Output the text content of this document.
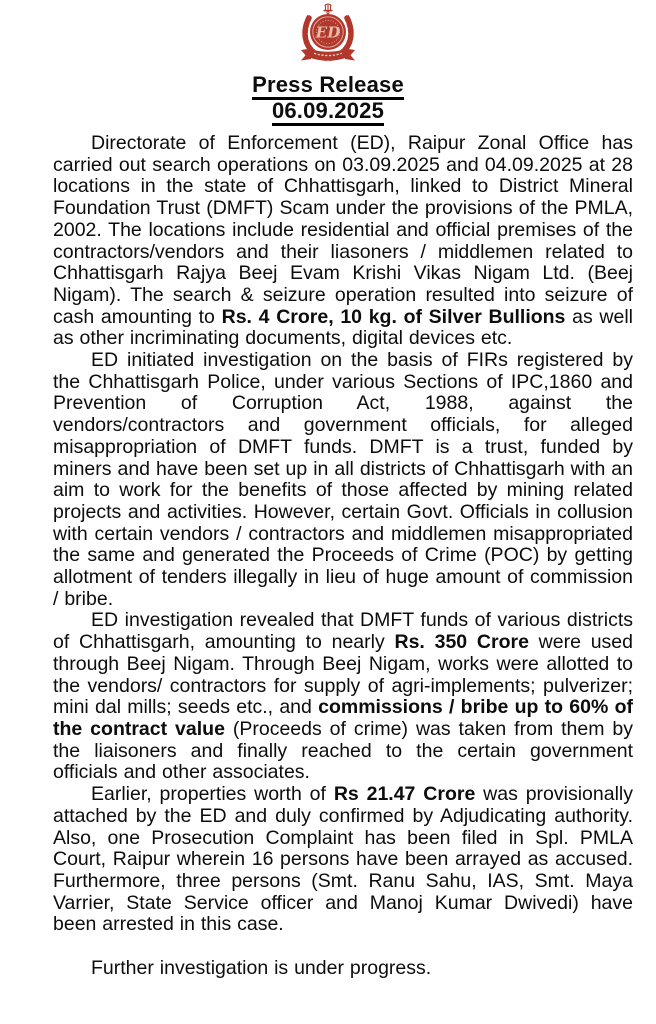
ED
Press Release
06.09.2025

Directorate of Enforcement (ED), Raipur Zonal Office has carried out search operations on 03.09.2025 and 04.09.2025 at 28 locations in the state of Chhattisgarh, linked to District Mineral Foundation Trust (DMFT) Scam under the provisions of the PMLA, 2002. The locations include residential and official premises of the contractors/vendors and their liasoners / middlemen related to Chhattisgarh Rajya Beej Evam Krishi Vikas Nigam Ltd. (Beej Nigam). The search & seizure operation resulted into seizure of cash amounting to Rs. 4 Crore, 10 kg. of Silver Bullions as well as other incriminating documents, digital devices etc.

ED initiated investigation on the basis of FIRs registered by the Chhattisgarh Police, under various Sections of IPC,1860 and Prevention of Corruption Act, 1988, against the vendors/contractors and government officials, for alleged misappropriation of DMFT funds. DMFT is a trust, funded by miners and have been set up in all districts of Chhattisgarh with an aim to work for the benefits of those affected by mining related projects and activities. However, certain Govt. Officials in collusion with certain vendors / contractors and middlemen misappropriated the same and generated the Proceeds of Crime (POC) by getting allotment of tenders illegally in lieu of huge amount of commission / bribe.

ED investigation revealed that DMFT funds of various districts of Chhattisgarh, amounting to nearly Rs. 350 Crore were used through Beej Nigam. Through Beej Nigam, works were allotted to the vendors/ contractors for supply of agri-implements; pulverizer; mini dal mills; seeds etc., and commissions / bribe up to 60% of the contract value (Proceeds of crime) was taken from them by the liaisoners and finally reached to the certain government officials and other associates.

Earlier, properties worth of Rs 21.47 Crore was provisionally attached by the ED and duly confirmed by Adjudicating authority. Also, one Prosecution Complaint has been filed in Spl. PMLA Court, Raipur wherein 16 persons have been arrayed as accused. Furthermore, three persons (Smt. Ranu Sahu, IAS, Smt. Maya Varrier, State Service officer and Manoj Kumar Dwivedi) have been arrested in this case.

Further investigation is under progress.
